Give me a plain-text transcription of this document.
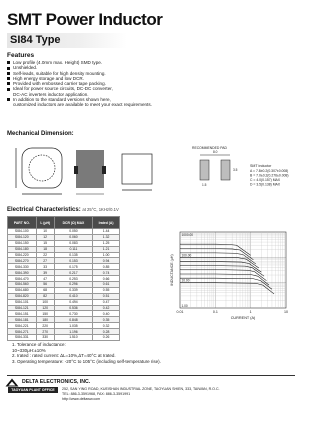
SMT Power Inductor
SI84 Type
Features
Low profile (4.0mm max. Height) SMD type.
Unshielded.
Self-leads, suitable for high density mounting.
High energy storage and low DCR.
Provided with embossed carrier tape packing.
Ideal for power source circuits, DC-DC converter,
DC-AC inverters inductor application.
In addition to the standard versions shown here,
customized inductors are available to meet your exact requirements.
Mechanical Dimension:
RECOMMENDED PAD
8.0
3.5
1.5
SMT inductor
A = 7.8±0.2(0.307±0.008)
B = 7.0±0.2(0.276±0.008)
C = 4.0(0.157) MAX
D = 3.5(0.138) MAX
Electrical Characteristics: at 25°C, 1KHz/0.1V
PART NO.	L (μH)	DCR (Ω) MAX	Irated (A)
SI84-100	10	0.050	1.44
SI84-120	12	0.060	1.32
SI84-150	15	0.083	1.25
SI84-180	18	0.111	1.21
SI84-220	22	0.135	1.00
SI84-270	27	0.153	0.94
SI84-330	33	0.175	0.85
SI84-390	39	0.217	0.74
SI84-470	47	0.253	0.66
SI84-560	56	0.296	0.61
SI84-680	68	0.339	0.55
SI84-820	82	0.410	0.51
SI84-101	100	0.494	0.47
SI84-121	120	0.536	0.42
SI84-151	150	0.730	0.40
SI84-181	180	0.848	0.35
SI84-221	220	1.035	0.32
SI84-271	270	1.196	0.28
SI84-331	330	1.510	0.26
0.01	0.1	1	10
1000.00
100.00
10.00
1.00
CURRENT (A)
INDUCTANCE (μH)

1. Tolerance of inductance:

10~330μH:±10%

2. Irated : rated current: ∆L=10%,∆T=40°C at Irated.

3. Operating temperature: -20°C to 105°C (including self-temperature rise).

DELTA ELECTRONICS, INC.
TAOYUAN PLANT OFFICE	252, SAN YING ROAD, KUEISHAN INDUSTRIAL ZONE, TAOYUAN SHIEN, 333, TAIWAN, R.O.C.
TEL: 886-3-3591968, FAX: 886-3-3591991
http://www.deltaww.com
